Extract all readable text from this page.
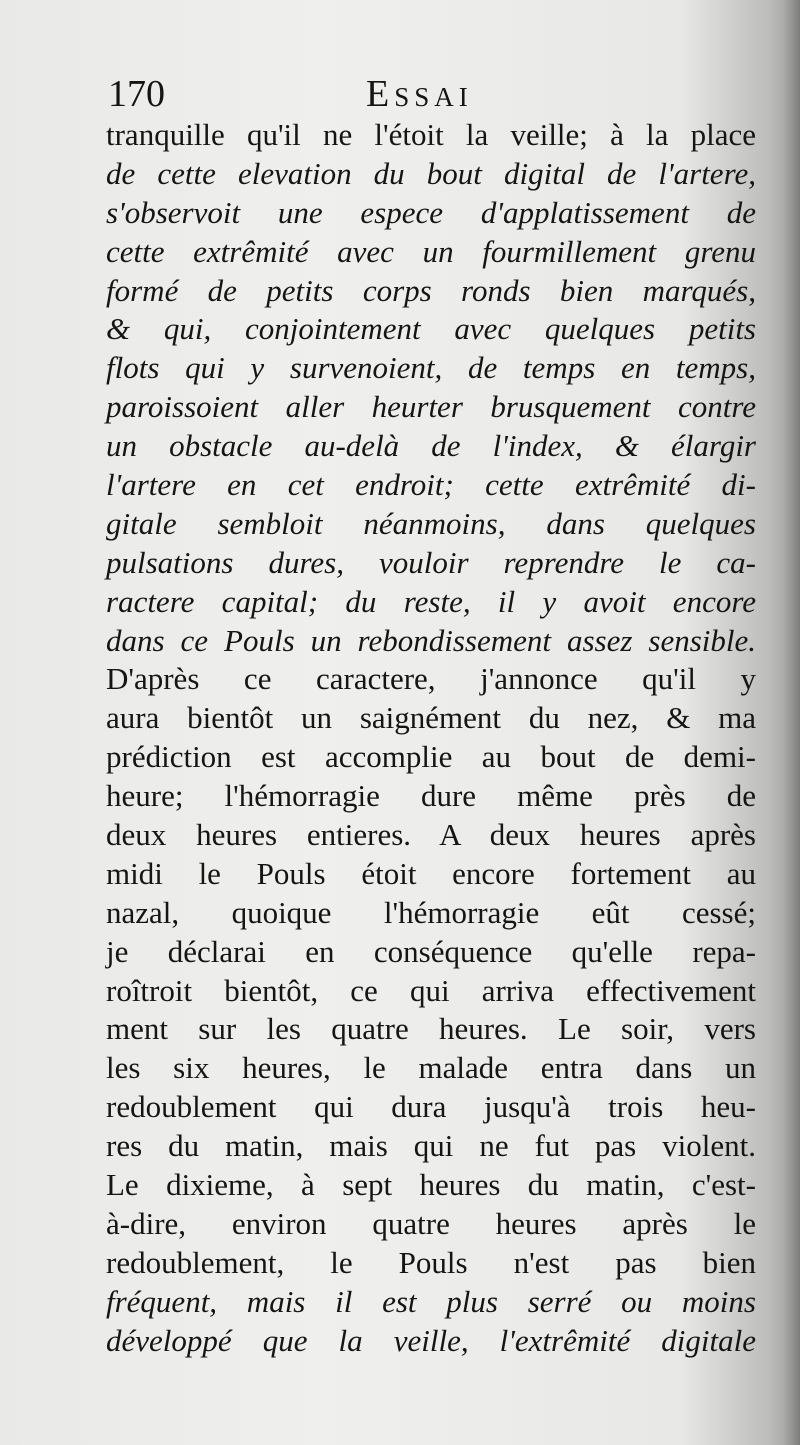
170	Essai
tranquille qu'il ne l'étoit la veille; à la place
de cette elevation du bout digital de l'artere,
s'observoit une espece d'applatissement de
cette extrêmité avec un fourmillement grenu
formé de petits corps ronds bien marqués,
& qui, conjointement avec quelques petits
flots qui y survenoient, de temps en temps,
paroissoient aller heurter brusquement contre
un obstacle au-delà de l'index, & élargir
l'artere en cet endroit; cette extrêmité di-
gitale sembloit néanmoins, dans quelques
pulsations dures, vouloir reprendre le ca-
ractere capital; du reste, il y avoit encore
dans ce Pouls un rebondissement assez sensible.
D'après ce caractere, j'annonce qu'il y
aura bientôt un saignément du nez, & ma
prédiction est accomplie au bout de demi-
heure; l'hémorragie dure même près de
deux heures entieres. A deux heures après
midi le Pouls étoit encore fortement au
nazal, quoique l'hémorragie eût cessé;
je déclarai en conséquence qu'elle repa-
roîtroit bientôt, ce qui arriva effectivement
ment sur les quatre heures. Le soir, vers
les six heures, le malade entra dans un
redoublement qui dura jusqu'à trois heu-
res du matin, mais qui ne fut pas violent.
Le dixieme, à sept heures du matin, c'est-
à-dire, environ quatre heures après le
redoublement, le Pouls n'est pas bien
fréquent, mais il est plus serré ou moins
développé que la veille, l'extrêmité digitale
